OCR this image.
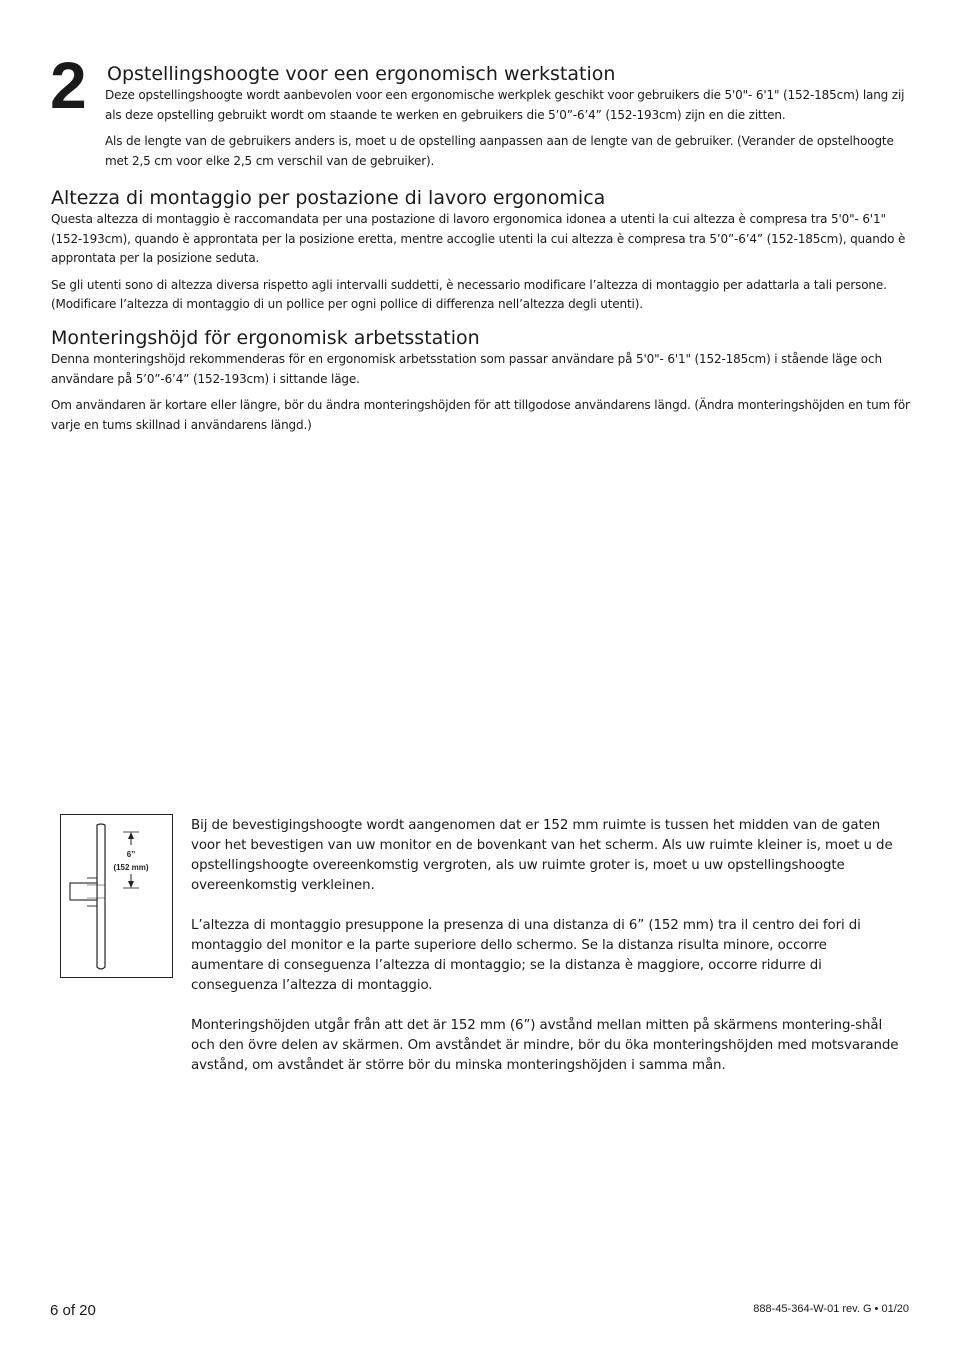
2 Opstellingshoogte voor een ergonomisch werkstation

Deze opstellingshoogte wordt aanbevolen voor een ergonomische werkplek geschikt voor gebruikers die 5'0"- 6'1" (152-185cm) lang zij als deze opstelling gebruikt wordt om staande te werken en gebruikers die 5’0”-6’4” (152-193cm) zijn en die zitten.

Als de lengte van de gebruikers anders is, moet u de opstelling aanpassen aan de lengte van de gebruiker. (Verander de opstelhoogte met 2,5 cm voor elke 2,5 cm verschil van de gebruiker).

Altezza di montaggio per postazione di lavoro ergonomica

Questa altezza di montaggio è raccomandata per una postazione di lavoro ergonomica idonea a utenti la cui altezza è compresa tra 5'0"- 6'1" (152-193cm), quando è approntata per la posizione eretta, mentre accoglie utenti la cui altezza è compresa tra 5’0”-6’4” (152-185cm), quando è approntata per la posizione seduta.

Se gli utenti sono di altezza diversa rispetto agli intervalli suddetti, è necessario modificare l’altezza di montaggio per adattarla a tali persone. (Modificare l’altezza di montaggio di un pollice per ogni pollice di differenza nell’altezza degli utenti).

Monteringshöjd för ergonomisk arbetsstation

Denna monteringshöjd rekommenderas för en ergonomisk arbetsstation som passar användare på 5'0"- 6'1" (152-185cm) i stående läge och användare på 5’0”-6’4” (152-193cm) i sittande läge.

Om användaren är kortare eller längre, bör du ändra monteringshöjden för att tillgodose användarens längd. (Ändra monteringshöjden en tum för varje en tums skillnad i användarens längd.)

6”
(152 mm)

Bij de bevestigingshoogte wordt aangenomen dat er 152 mm ruimte is tussen het midden van de gaten voor het bevestigen van uw monitor en de bovenkant van het scherm. Als uw ruimte kleiner is, moet u de opstellingshoogte overeenkomstig vergroten, als uw ruimte groter is, moet u uw opstellingshoogte overeenkomstig verkleinen.

L’altezza di montaggio presuppone la presenza di una distanza di 6” (152 mm) tra il centro dei fori di montaggio del monitor e la parte superiore dello schermo. Se la distanza risulta minore, occorre aumentare di conseguenza l’altezza di montaggio; se la distanza è maggiore, occorre ridurre di conseguenza l’altezza di montaggio.

Monteringshöjden utgår från att det är 152 mm (6”) avstånd mellan mitten på skärmens montering-shål och den övre delen av skärmen. Om avståndet är mindre, bör du öka monteringshöjden med motsvarande avstånd, om avståndet är större bör du minska monteringshöjden i samma mån.

6 of 20	888-45-364-W-01 rev. G • 01/20
